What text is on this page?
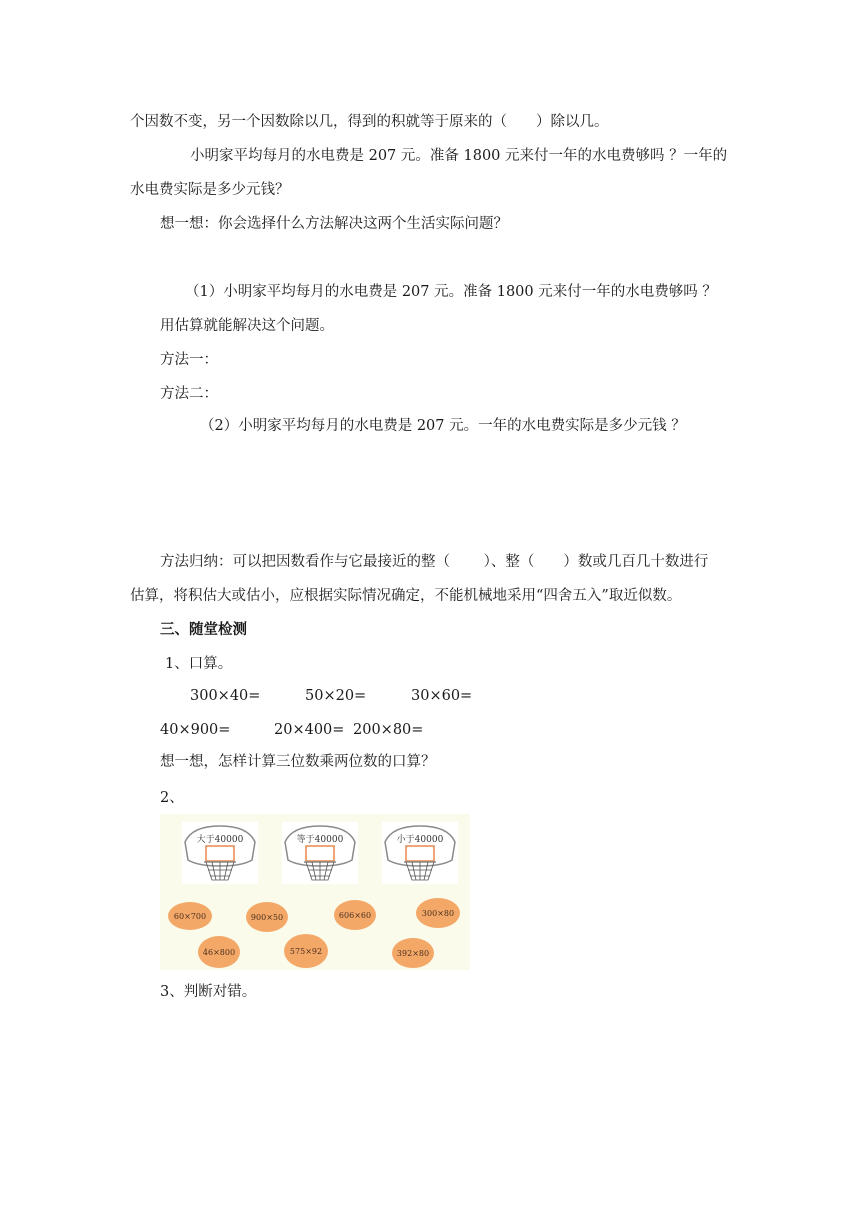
个因数不变，另一个因数除以几，得到的积就等于原来的（　　）除以几。
小明家平均每月的水电费是 207 元。准备 1800 元来付一年的水电费够吗 ？一年的
水电费实际是多少元钱？
想一想：你会选择什么方法解决这两个生活实际问题？
（1）小明家平均每月的水电费是 207 元。准备 1800 元来付一年的水电费够吗 ？
用估算就能解决这个问题。
方法一：
方法二：
（2）小明家平均每月的水电费是 207 元。一年的水电费实际是多少元钱 ？
方法归纳：可以把因数看作与它最接近的整（　　 ）、整（　　）数或几百几十数进行
估算，将积估大或估小，应根据实际情况确定，不能机械地采用“四舍五入”取近似数。
三、随堂检测
1、口算。
300×40=	50×20=	30×60=
40×900=	20×400= 200×80=
想一想，怎样计算三位数乘两位数的口算？
2、
大于40000	等于40000	小于40000
60×700	900×50	606×60	300×80
46×800	575×92	392×80
3、判断对错。
